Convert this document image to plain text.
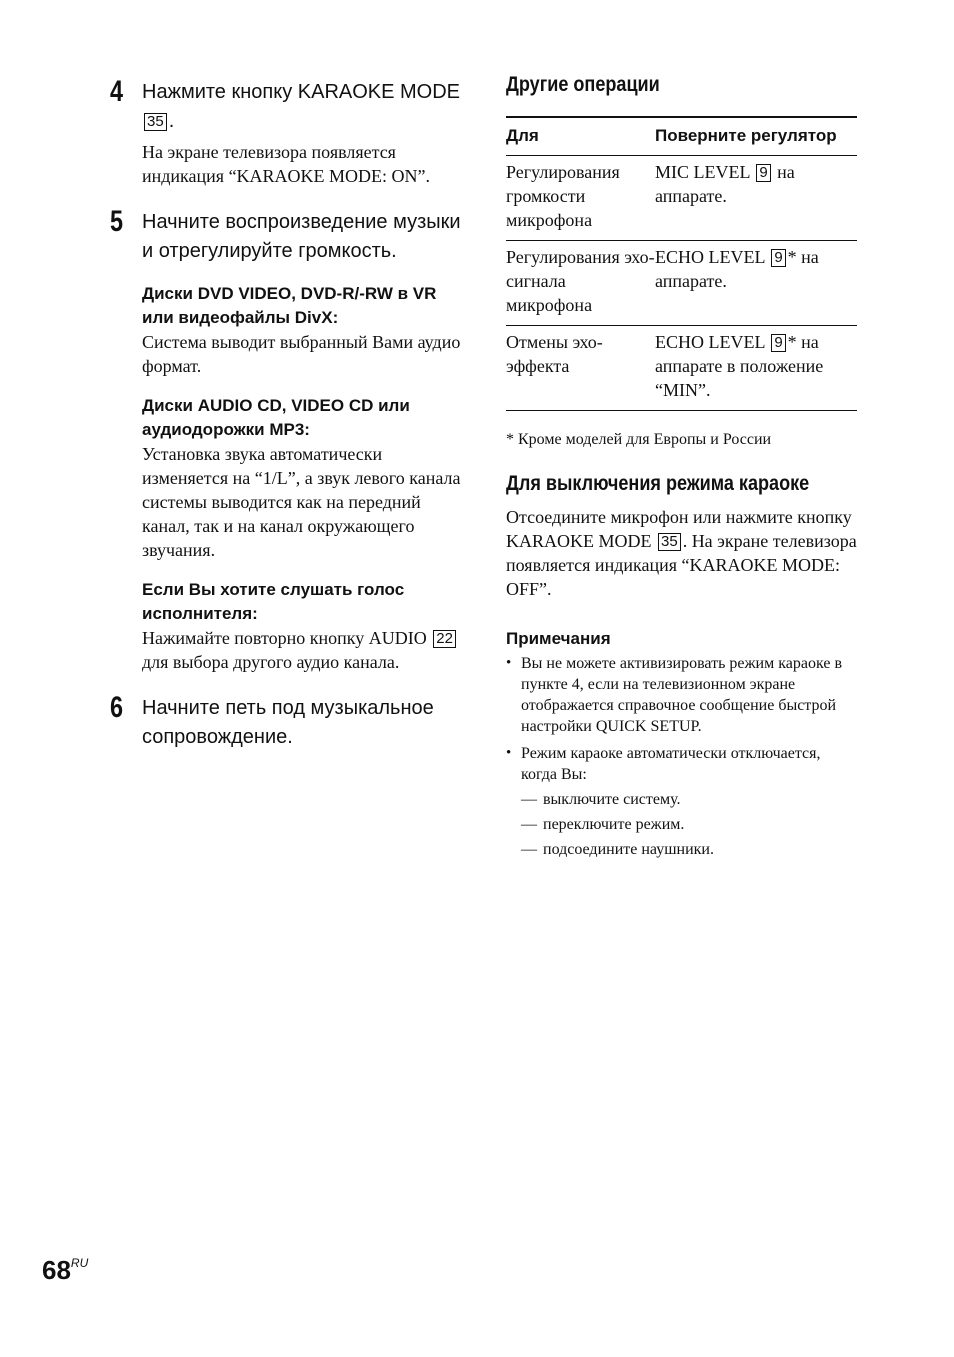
4 Нажмите кнопку KARAOKE MODE 35 .

На экране телевизора появляется индикация “KARAOKE MODE: ON”.

5 Начните воспроизведение музыки и отрегулируйте громкость.

Диски DVD VIDEO, DVD-R/-RW в VR или видеофайлы DivX:
Система выводит выбранный Вами аудио формат.
Диски AUDIO CD, VIDEO CD или аудиодорожки MP3:
Установка звука автоматически изменяется на “1/L”, а звук левого канала системы выводится как на передний канал, так и на канал окружающего звучания.
Если Вы хотите слушать голос исполнителя:
Нажимайте повторно кнопку AUDIO 22 для выбора другого аудио канала.
6 Начните петь под музыкальное сопровождение.

Другие операции
Для	Поверните регулятор
Регулирования громкости микрофона	MIC LEVEL 9 на аппарате.
Регулирования эхо-сигнала микрофона	ECHO LEVEL 9 * на аппарате.
Отмены эхо-эффекта	ECHO LEVEL 9 * на аппарате в положение “MIN”.

* Кроме моделей для Европы и России

Для выключения режима караоке

Отсоедините микрофон или нажмите кнопку KARAOKE MODE 35 . На экране телевизора появляется индикация “KARAOKE MODE: OFF”.

Примечания
• Вы не можете активизировать режим караоке в пункте 4, если на телевизионном экране отображается справочное сообщение быстрой настройки QUICK SETUP.
• Режим караоке автоматически отключается, когда Вы:
— выключите систему.
— переключите режим.
— подсоедините наушники.
$68^{RU}$
